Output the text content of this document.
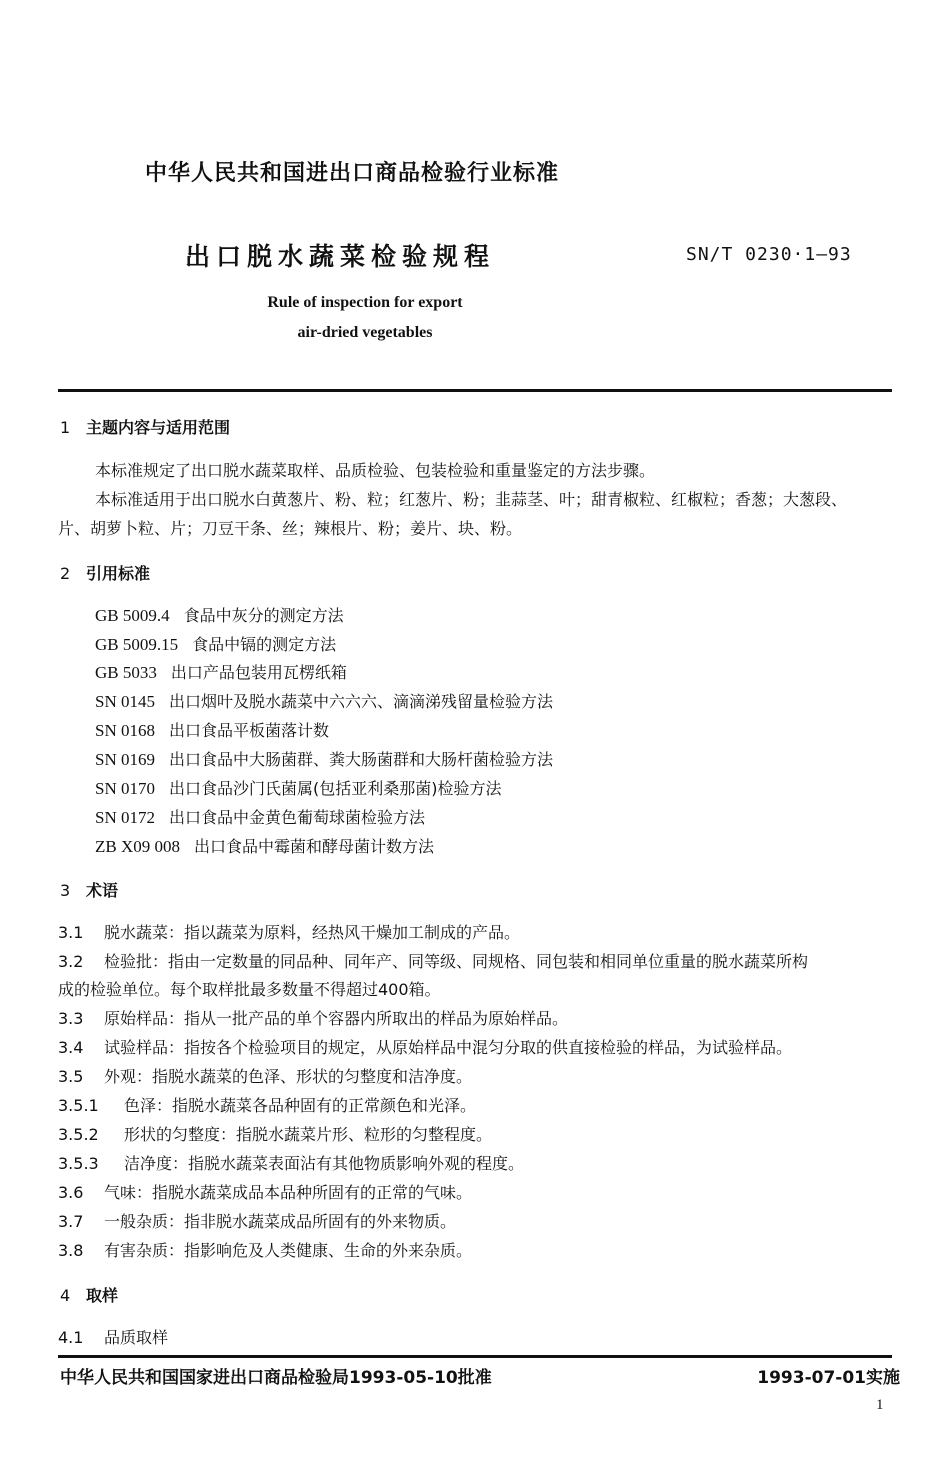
中华人民共和国进出口商品检验行业标准
出口脱水蔬菜检验规程	SN/T 0230·1—93
Rule of inspection for export
air-dried vegetables
1 主题内容与适用范围
本标准规定了出口脱水蔬菜取样、品质检验、包装检验和重量鉴定的方法步骤。
本标准适用于出口脱水白黄葱片、粉、粒；红葱片、粉；韭蒜茎、叶；甜青椒粒、红椒粒；香葱；大葱段、
片、胡萝卜粒、片；刀豆干条、丝；辣根片、粉；姜片、块、粉。
2 引用标准
GB 5009.4 食品中灰分的测定方法
GB 5009.15 食品中镉的测定方法
GB 5033 出口产品包装用瓦楞纸箱
SN 0145 出口烟叶及脱水蔬菜中六六六、滴滴涕残留量检验方法
SN 0168 出口食品平板菌落计数
SN 0169 出口食品中大肠菌群、粪大肠菌群和大肠杆菌检验方法
SN 0170 出口食品沙门氏菌属(包括亚利桑那菌)检验方法
SN 0172 出口食品中金黄色葡萄球菌检验方法
ZB X09 008 出口食品中霉菌和酵母菌计数方法
3 术语
3.1 脱水蔬菜：指以蔬菜为原料，经热风干燥加工制成的产品。
3.2 检验批：指由一定数量的同品种、同年产、同等级、同规格、同包装和相同单位重量的脱水蔬菜所构
成的检验单位。每个取样批最多数量不得超过400箱。
3.3 原始样品：指从一批产品的单个容器内所取出的样品为原始样品。
3.4 试验样品：指按各个检验项目的规定，从原始样品中混匀分取的供直接检验的样品，为试验样品。
3.5 外观：指脱水蔬菜的色泽、形状的匀整度和洁净度。
3.5.1 色泽：指脱水蔬菜各品种固有的正常颜色和光泽。
3.5.2 形状的匀整度：指脱水蔬菜片形、粒形的匀整程度。
3.5.3 洁净度：指脱水蔬菜表面沾有其他物质影响外观的程度。
3.6 气味：指脱水蔬菜成品本品种所固有的正常的气味。
3.7 一般杂质：指非脱水蔬菜成品所固有的外来物质。
3.8 有害杂质：指影响危及人类健康、生命的外来杂质。
4 取样
4.1 品质取样
中华人民共和国国家进出口商品检验局1993-05-10批准	1993-07-01实施
1
